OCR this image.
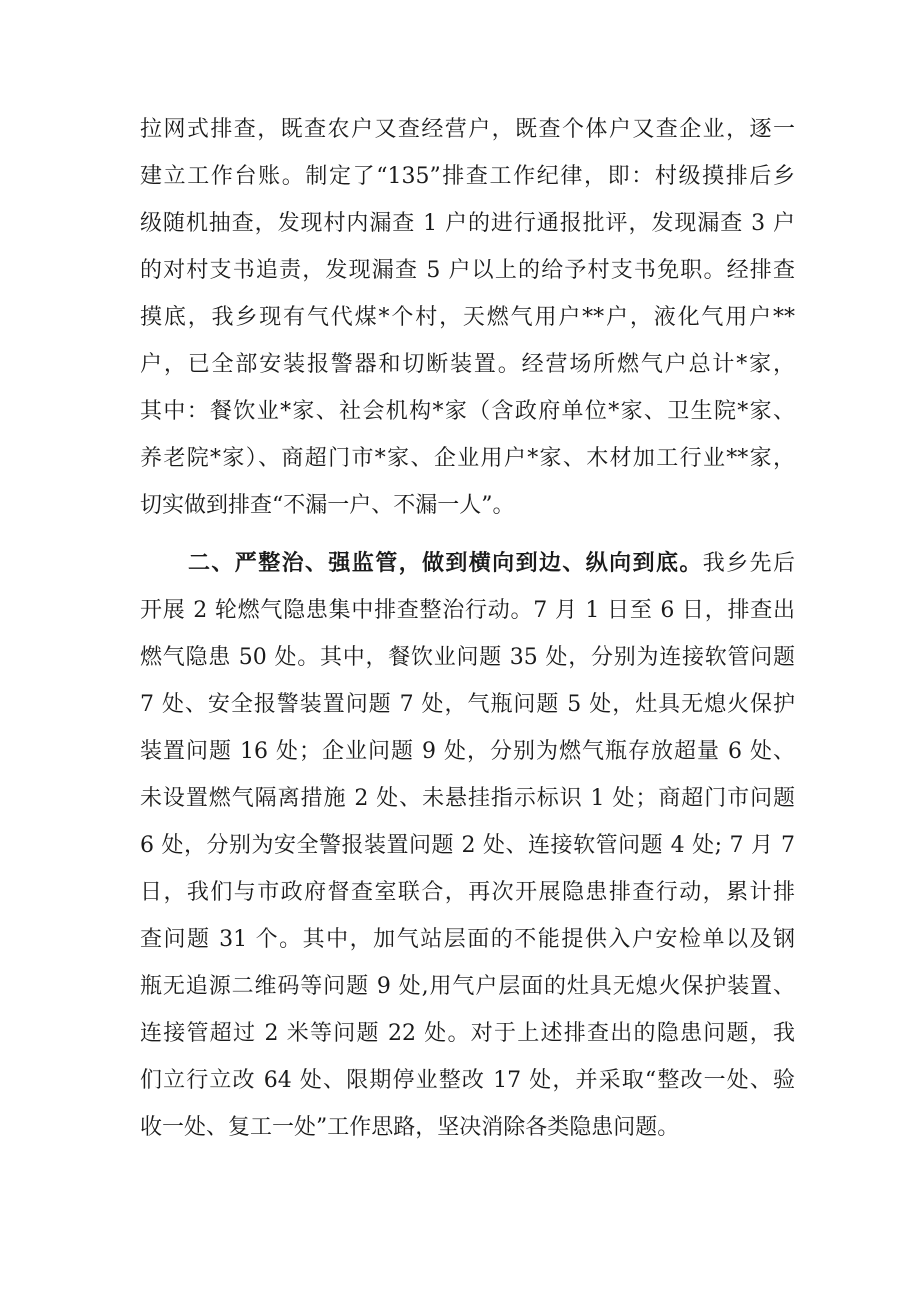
拉网式排查，既查农户又查经营户，既查个体户又查企业，逐一
建立工作台账。制定了“135”排查工作纪律，即：村级摸排后乡
级随机抽查，发现村内漏查 1 户的进行通报批评，发现漏查 3 户
的对村支书追责，发现漏查 5 户以上的给予村支书免职。经排查
摸底，我乡现有气代煤*个村，天燃气用户**户，液化气用户**
户，已全部安装报警器和切断装置。经营场所燃气户总计*家，
其中：餐饮业*家、社会机构*家（含政府单位*家、卫生院*家、
养老院*家）、商超门市*家、企业用户*家、木材加工行业**家，
切实做到排查“不漏一户、不漏一人”。
二、严整治、强监管，做到横向到边、纵向到底。我乡先后
开展 2 轮燃气隐患集中排查整治行动。7 月 1 日至 6 日，排查出
燃气隐患 50 处。其中，餐饮业问题 35 处，分别为连接软管问题
7 处、安全报警装置问题 7 处，气瓶问题 5 处，灶具无熄火保护
装置问题 16 处；企业问题 9 处，分别为燃气瓶存放超量 6 处、
未设置燃气隔离措施 2 处、未悬挂指示标识 1 处；商超门市问题
6 处，分别为安全警报装置问题 2 处、连接软管问题 4 处; 7 月 7
日，我们与市政府督查室联合，再次开展隐患排查行动，累计排
查问题 31 个。其中，加气站层面的不能提供入户安检单以及钢
瓶无追源二维码等问题 9 处,用气户层面的灶具无熄火保护装置、
连接管超过 2 米等问题 22 处。对于上述排查出的隐患问题，我
们立行立改 64 处、限期停业整改 17 处，并采取“整改一处、验
收一处、复工一处”工作思路，坚决消除各类隐患问题。
